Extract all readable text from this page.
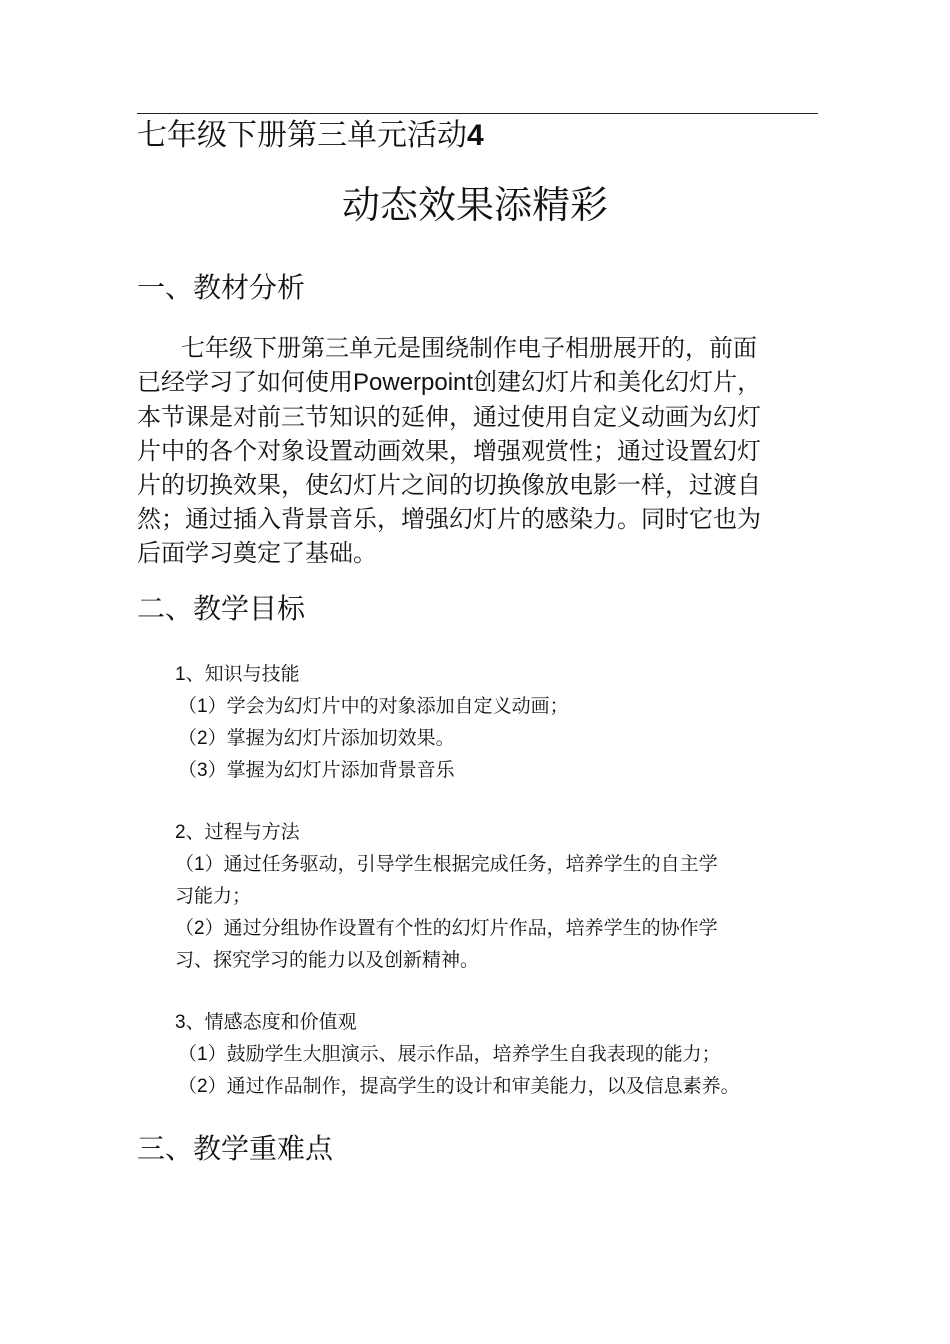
七年级下册第三单元活动4
动态效果添精彩
一、教材分析
七年级下册第三单元是围绕制作电子相册展开的，前面
已经学习了如何使用Powerpoint创建幻灯片和美化幻灯片，
本节课是对前三节知识的延伸，通过使用自定义动画为幻灯
片中的各个对象设置动画效果，增强观赏性；通过设置幻灯
片的切换效果，使幻灯片之间的切换像放电影一样，过渡自
然；通过插入背景音乐，增强幻灯片的感染力。同时它也为
后面学习奠定了基础。
二、教学目标
1、知识与技能
（1）学会为幻灯片中的对象添加自定义动画；
（2）掌握为幻灯片添加切效果。
（3）掌握为幻灯片添加背景音乐
2、过程与方法
（1）通过任务驱动，引导学生根据完成任务，培养学生的自主学
习能力；
（2）通过分组协作设置有个性的幻灯片作品，培养学生的协作学
习、探究学习的能力以及创新精神。
3、情感态度和价值观
（1）鼓励学生大胆演示、展示作品，培养学生自我表现的能力；
（2）通过作品制作，提高学生的设计和审美能力，以及信息素养。
三、教学重难点
